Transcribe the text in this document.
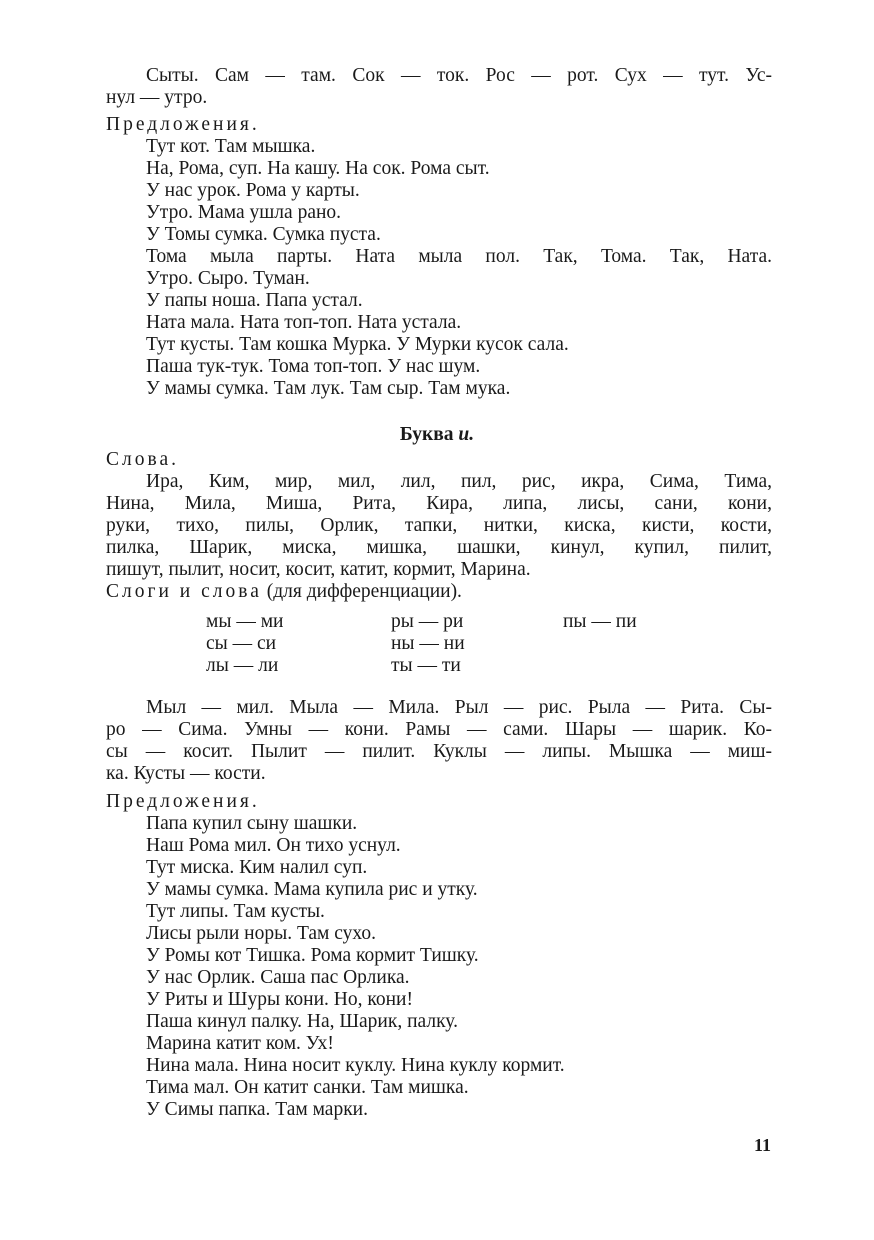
Сыты. Сам — там. Сок — ток. Рос — рот. Сух — тут. Ус-
нул — утро.
Предложения.
Тут кот. Там мышка.
На, Рома, суп. На кашу. На сок. Рома сыт.
У нас урок. Рома у карты.
Утро. Мама ушла рано.
У Томы сумка. Сумка пуста.
Тома мыла парты. Ната мыла пол. Так, Тома. Так, Ната.
Утро. Сыро. Туман.
У папы ноша. Папа устал.
Ната мала. Ната топ-топ. Ната устала.
Тут кусты. Там кошка Мурка. У Мурки кусок сала.
Паша тук-тук. Тома топ-топ. У нас шум.
У мамы сумка. Там лук. Там сыр. Там мука.
Буква и.
Слова.
Ира, Ким, мир, мил, лил, пил, рис, икра, Сима, Тима,
Нина, Мила, Миша, Рита, Кира, липа, лисы, сани, кони,
руки, тихо, пилы, Орлик, тапки, нитки, киска, кисти, кости,
пилка, Шарик, миска, мишка, шашки, кинул, купил, пилит,
пишут, пылит, носит, косит, катит, кормит, Марина.
Слоги и слова (для дифференциации).
мы — ми
сы — си
лы — ли
ры — ри
ны — ни
ты — ти
пы — пи
Мыл — мил. Мыла — Мила. Рыл — рис. Рыла — Рита. Сы-
ро — Сима. Умны — кони. Рамы — сами. Шары — шарик. Ко-
сы — косит. Пылит — пилит. Куклы — липы. Мышка — миш-
ка. Кусты — кости.
Предложения.
Папа купил сыну шашки.
Наш Рома мил. Он тихо уснул.
Тут миска. Ким налил суп.
У мамы сумка. Мама купила рис и утку.
Тут липы. Там кусты.
Лисы рыли норы. Там сухо.
У Ромы кот Тишка. Рома кормит Тишку.
У нас Орлик. Саша пас Орлика.
У Риты и Шуры кони. Но, кони!
Паша кинул палку. На, Шарик, палку.
Марина катит ком. Ух!
Нина мала. Нина носит куклу. Нина куклу кормит.
Тима мал. Он катит санки. Там мишка.
У Симы папка. Там марки.
11
